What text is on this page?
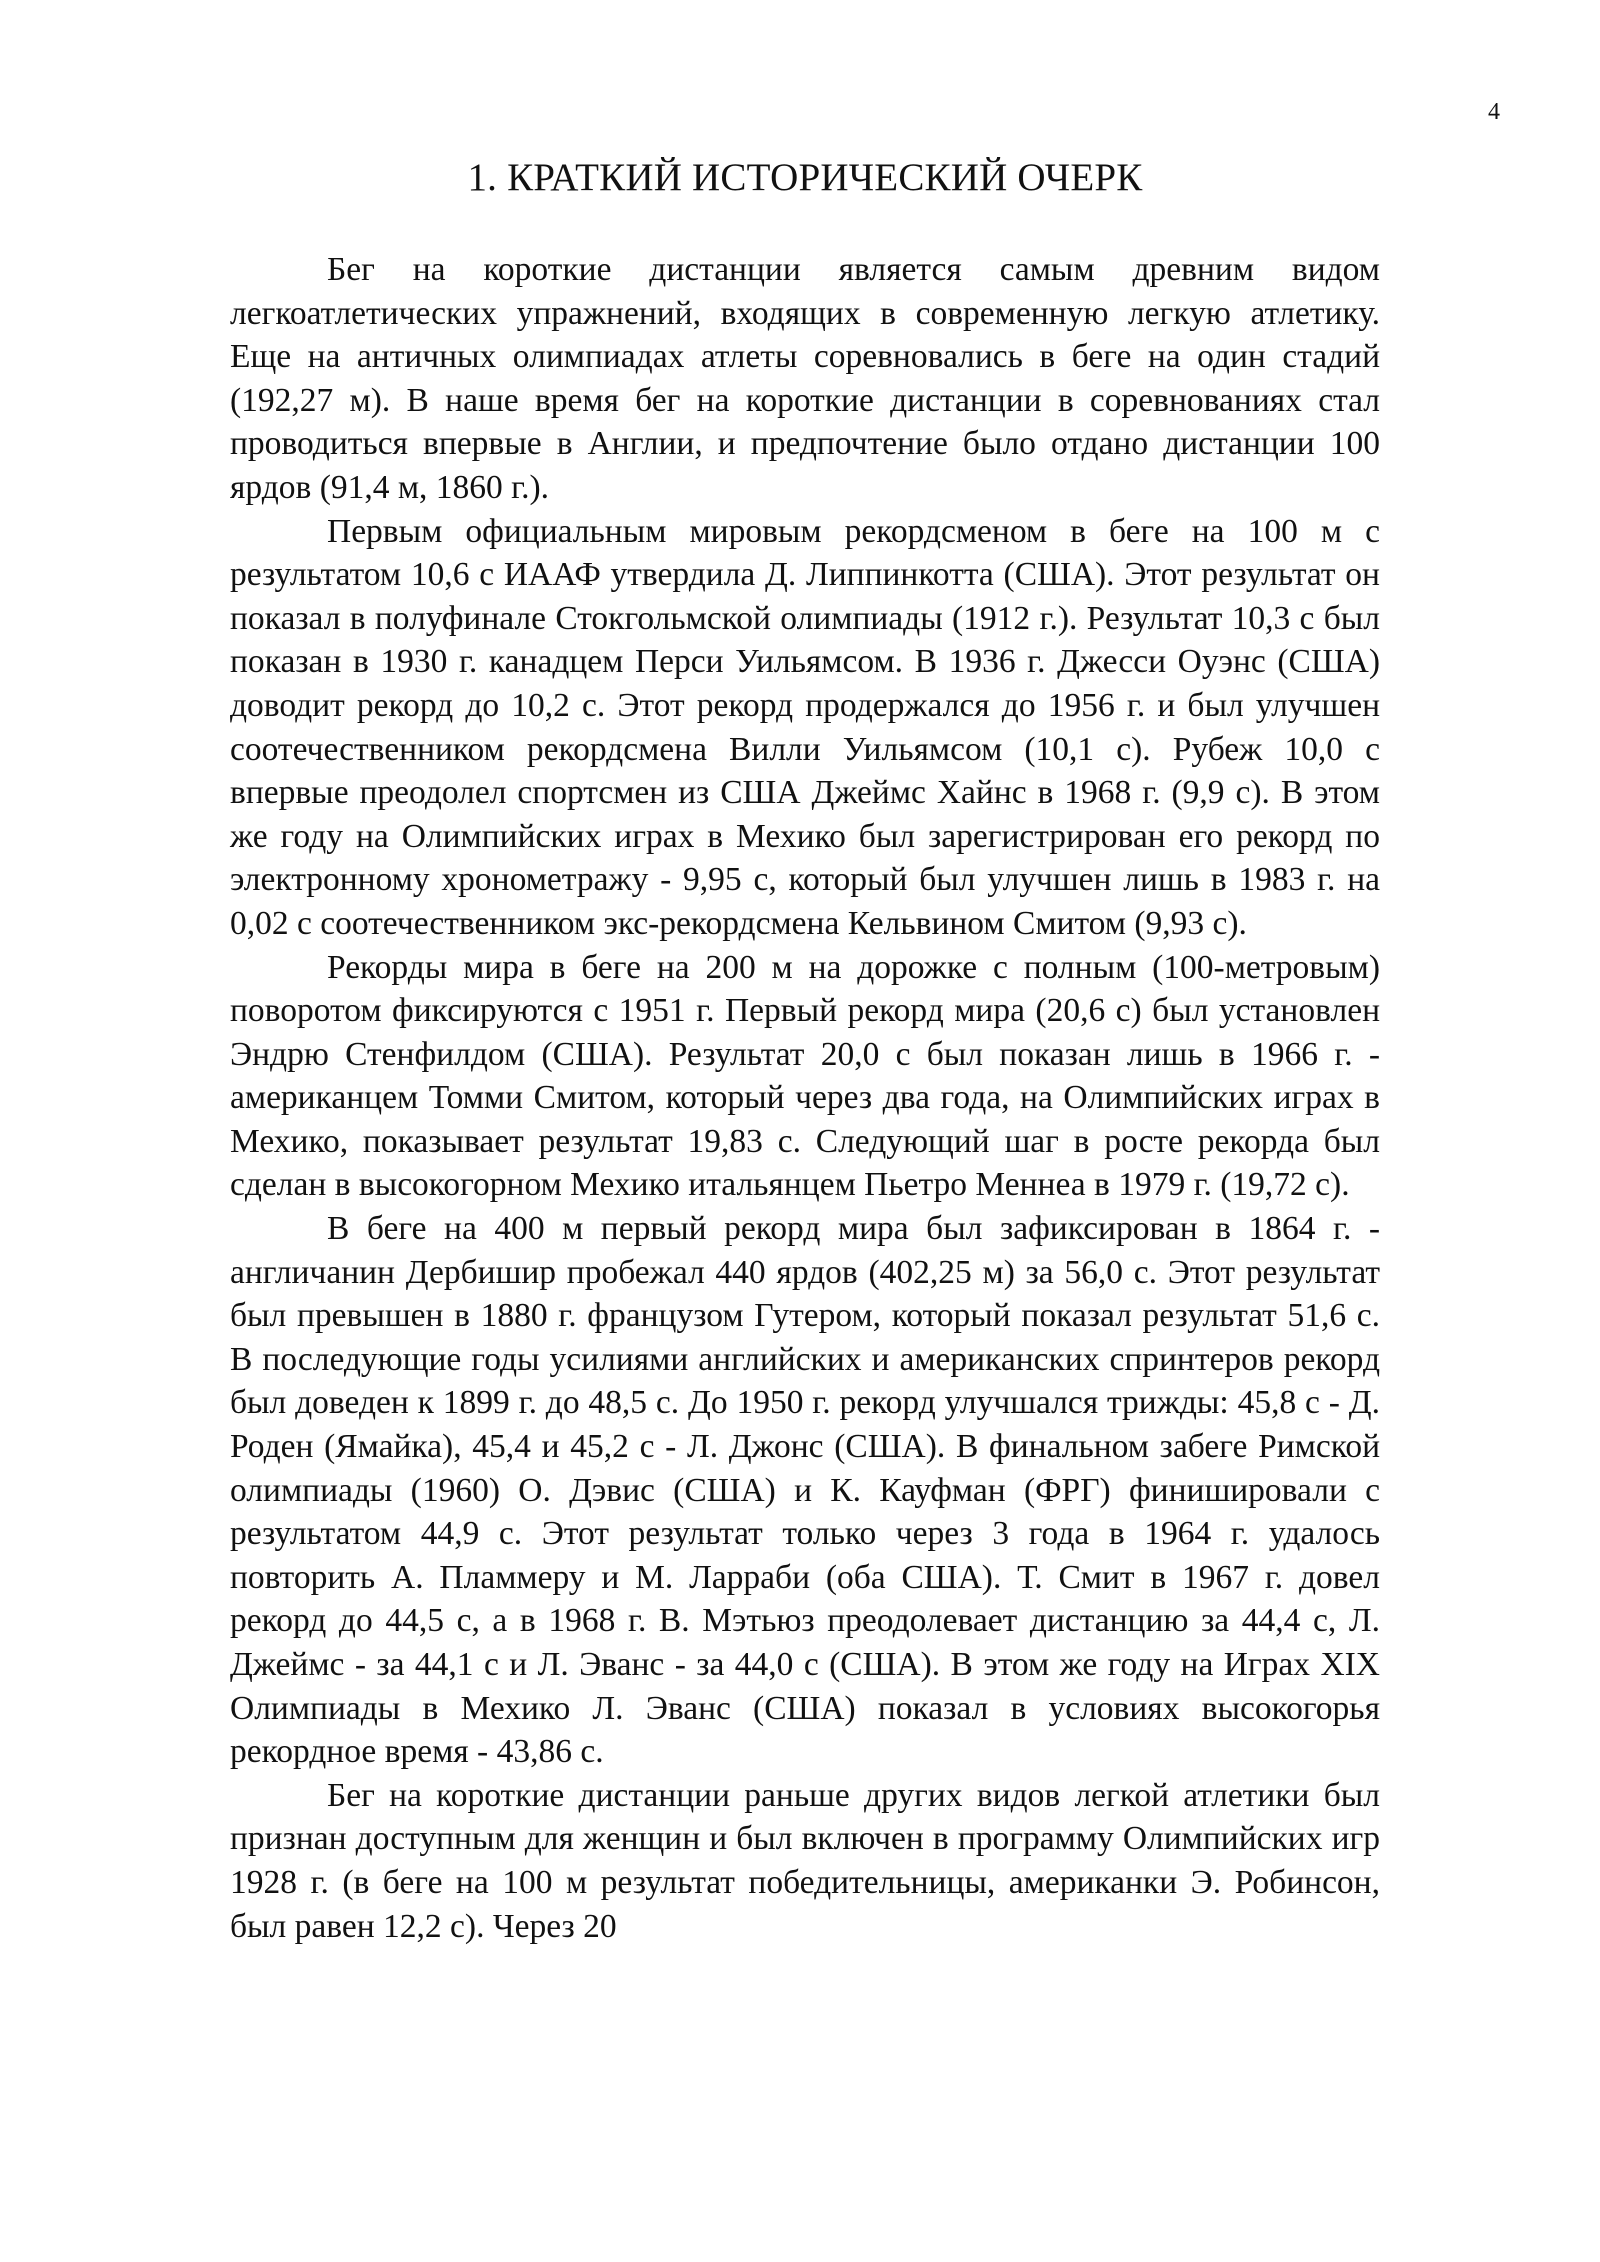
4
1. КРАТКИЙ ИСТОРИЧЕСКИЙ ОЧЕРК

Бег на короткие дистанции является самым древним видом легкоатлетических упражнений, входящих в современную легкую атлетику. Еще на античных олимпиадах атлеты соревновались в беге на один стадий (192,27 м). В наше время бег на короткие дистанции в соревнованиях стал проводиться впервые в Англии, и предпочтение было отдано дистанции 100 ярдов (91,4 м, 1860 г.).

Первым официальным мировым рекордсменом в беге на 100 м с результатом 10,6 с ИААФ утвердила Д. Липпинкотта (США). Этот результат он показал в полуфинале Стокгольмской олимпиады (1912 г.). Результат 10,3 с был показан в 1930 г. канадцем Перси Уильямсом. В 1936 г. Джесси Оуэнс (США) доводит рекорд до 10,2 с. Этот рекорд продержался до 1956 г. и был улучшен соотечественником рекордсмена Вилли Уильямсом (10,1 с). Рубеж 10,0 с впервые преодолел спортсмен из США Джеймс Хайнс в 1968 г. (9,9 с). В этом же году на Олимпийских играх в Мехико был зарегистрирован его рекорд по электронному хронометражу - 9,95 с, который был улучшен лишь в 1983 г. на 0,02 с соотечественником экс-рекордсмена Кельвином Смитом (9,93 с).

Рекорды мира в беге на 200 м на дорожке с полным (100-метровым) поворотом фиксируются с 1951 г. Первый рекорд мира (20,6 с) был установлен Эндрю Стенфилдом (США). Результат 20,0 с был показан лишь в 1966 г. - американцем Томми Смитом, который через два года, на Олимпийских играх в Мехико, показывает результат 19,83 с. Следующий шаг в росте рекорда был сделан в высокогорном Мехико итальянцем Пьетро Меннеа в 1979 г. (19,72 с).

В беге на 400 м первый рекорд мира был зафиксирован в 1864 г. - англичанин Дербишир пробежал 440 ярдов (402,25 м) за 56,0 с. Этот результат был превышен в 1880 г. французом Гутером, который показал результат 51,6 с. В последующие годы усилиями английских и американских спринтеров рекорд был доведен к 1899 г. до 48,5 с. До 1950 г. рекорд улучшался трижды: 45,8 с - Д. Роден (Ямайка), 45,4 и 45,2 с - Л. Джонс (США). В финальном забеге Римской олимпиады (1960) О. Дэвис (США) и К. Кауфман (ФРГ) финишировали с результатом 44,9 с. Этот результат только через 3 года в 1964 г. удалось повторить А. Пламмеру и М. Ларраби (оба США). Т. Смит в 1967 г. довел рекорд до 44,5 с, а в 1968 г. В. Мэтьюз преодолевает дистанцию за 44,4 с, Л. Джеймс - за 44,1 с и Л. Эванс - за 44,0 с (США). В этом же году на Играх XIX Олимпиады в Мехико Л. Эванс (США) показал в условиях высокогорья рекордное время - 43,86 с.

Бег на короткие дистанции раньше других видов легкой атлетики был признан доступным для женщин и был включен в программу Олимпийских игр 1928 г. (в беге на 100 м результат победительницы, американки Э. Робинсон, был равен 12,2 с). Через 20
